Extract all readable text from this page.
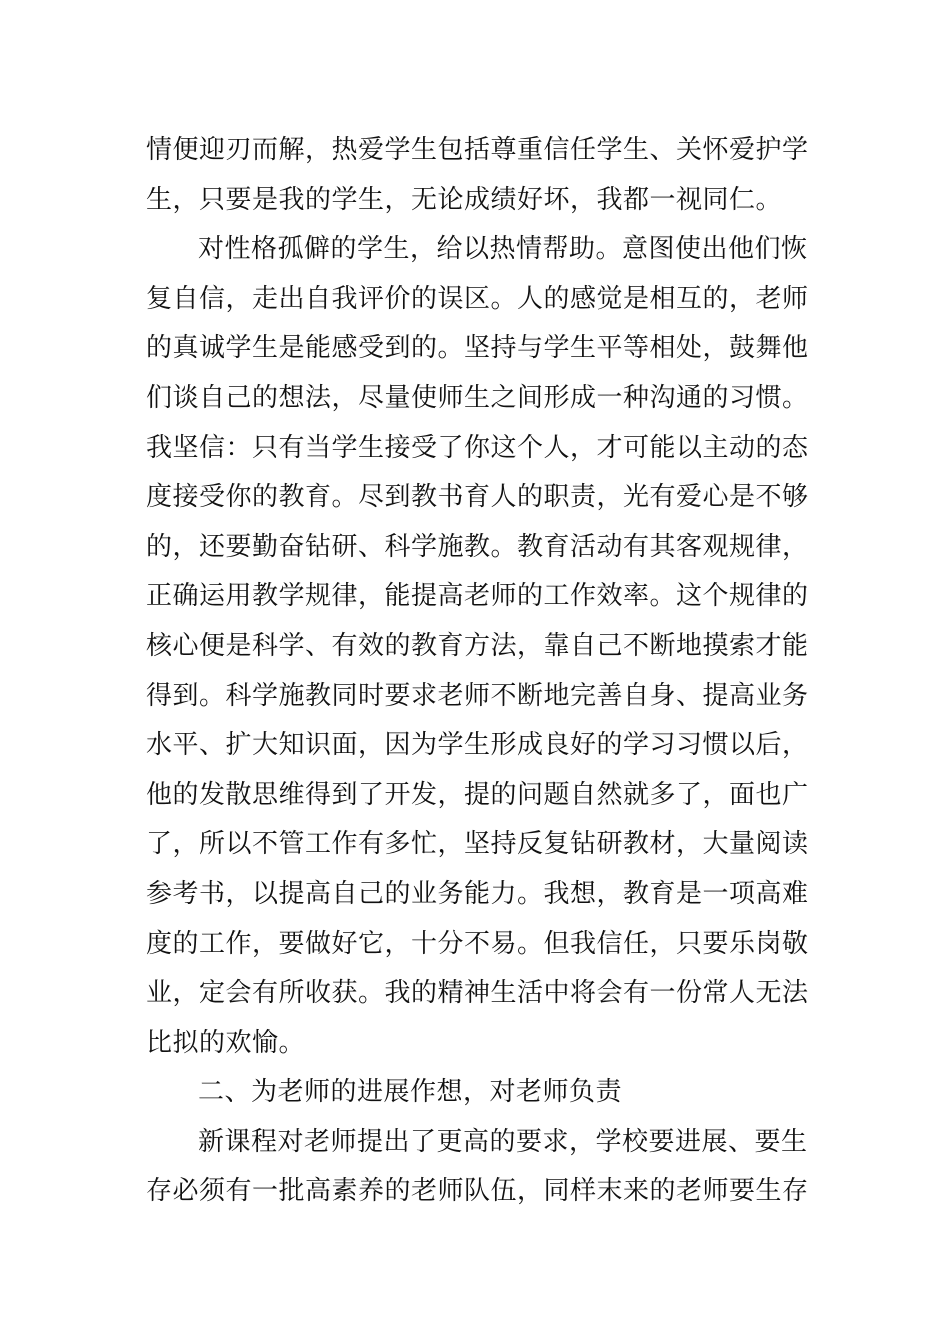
情便迎刃而解，热爱学生包括尊重信任学生、关怀爱护学
生，只要是我的学生，无论成绩好坏，我都一视同仁。
对性格孤僻的学生，给以热情帮助。意图使出他们恢
复自信，走出自我评价的误区。人的感觉是相互的，老师
的真诚学生是能感受到的。坚持与学生平等相处，鼓舞他
们谈自己的想法，尽量使师生之间形成一种沟通的习惯。
我坚信：只有当学生接受了你这个人，才可能以主动的态
度接受你的教育。尽到教书育人的职责，光有爱心是不够
的，还要勤奋钻研、科学施教。教育活动有其客观规律，
正确运用教学规律，能提高老师的工作效率。这个规律的
核心便是科学、有效的教育方法，靠自己不断地摸索才能
得到。科学施教同时要求老师不断地完善自身、提高业务
水平、扩大知识面，因为学生形成良好的学习习惯以后，
他的发散思维得到了开发，提的问题自然就多了，面也广
了，所以不管工作有多忙，坚持反复钻研教材，大量阅读
参考书，以提高自己的业务能力。我想，教育是一项高难
度的工作，要做好它，十分不易。但我信任，只要乐岗敬
业，定会有所收获。我的精神生活中将会有一份常人无法
比拟的欢愉。
二、为老师的进展作想，对老师负责
新课程对老师提出了更高的要求，学校要进展、要生
存必须有一批高素养的老师队伍，同样末来的老师要生存
